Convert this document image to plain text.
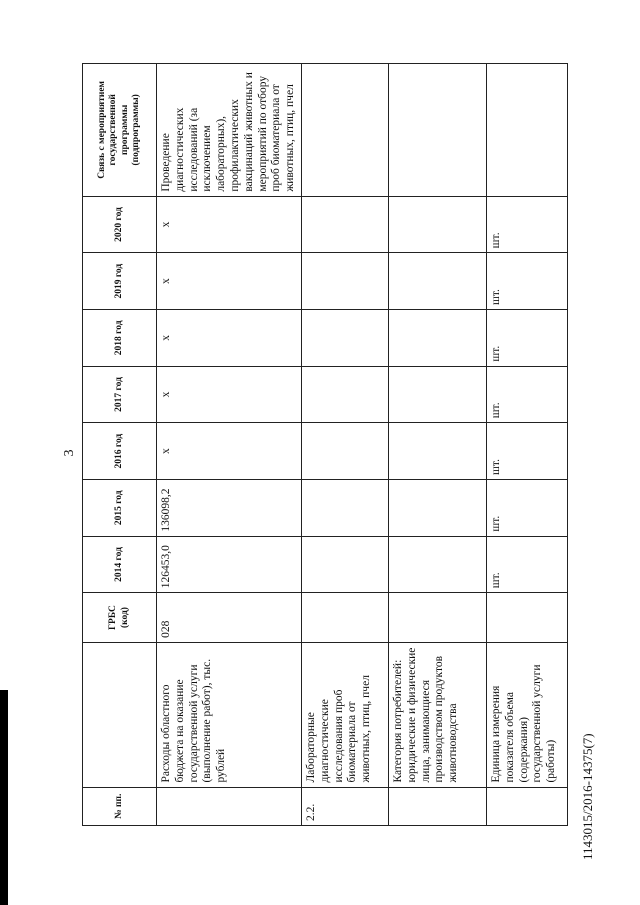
3
№ пп.		ГРБС (код)	2014 год	2015 год	2016 год	2017 год	2018 год	2019 год	2020 год	Связь с мероприятием государственной программы (подпрограммы)
	Расходы областного бюджета на оказание государственной услуги (выполнение работ), тыс. рублей	028	126453,0	136098,2	х	х	х	х	х	Проведение диагностических исследований (за исключением лабораторных), профилактических вакцинаций животных и мероприятий по отбору проб биоматериала от животных, птиц, пчел
2.2.	Лабораторные диагностические исследования проб биоматериала от животных, птиц, пчел									
	Категория потребителей: юридические и физические лица, занимающиеся производством продуктов животноводства									
	Единица измерения показателя объема (содержания) государственной услуги (работы)		шт.	шт.	шт.	шт.	шт.	шт.	шт.	
1143015/2016-14375(7)
